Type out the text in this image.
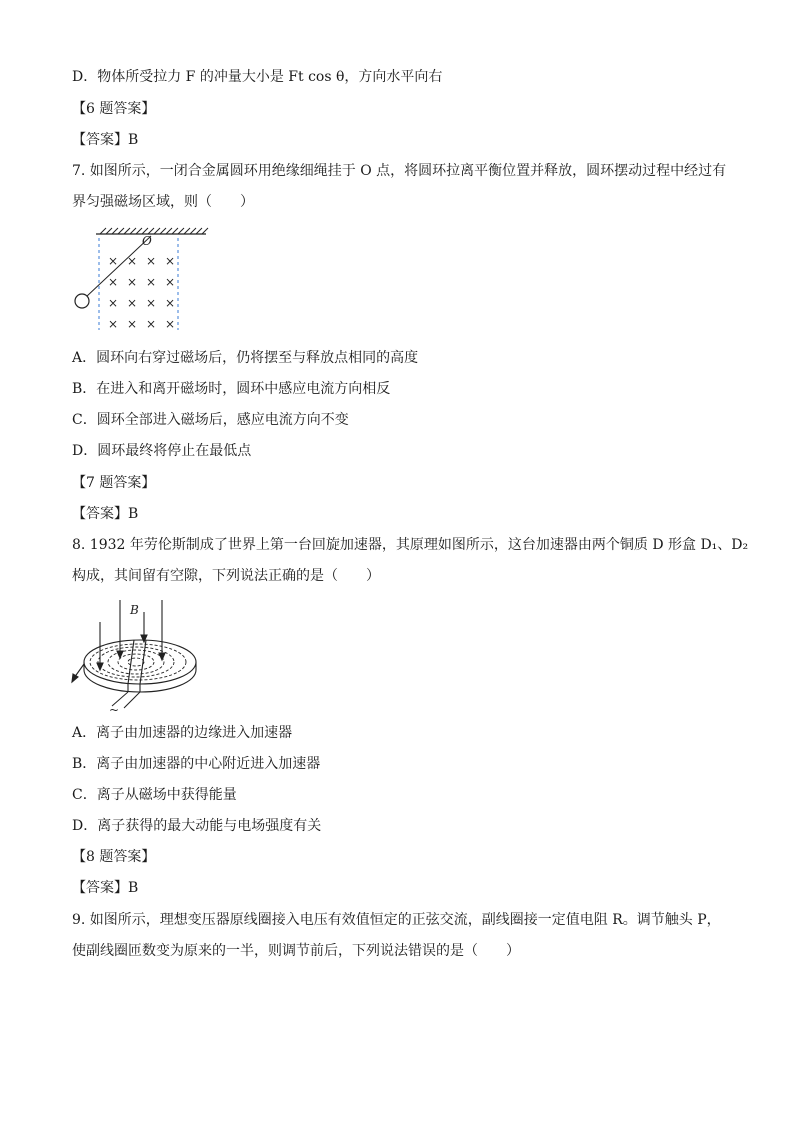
D．物体所受拉力 F 的冲量大小是 Ft cos θ，方向水平向右
【6 题答案】
【答案】B
7. 如图所示，一闭合金属圆环用绝缘细绳挂于 O 点，将圆环拉离平衡位置并释放，圆环摆动过程中经过有
界匀强磁场区域，则（　　）
O
× × × ×
× × × ×
× × × ×
× × × ×
A．圆环向右穿过磁场后，仍将摆至与释放点相同的高度
B．在进入和离开磁场时，圆环中感应电流方向相反
C．圆环全部进入磁场后，感应电流方向不变
D．圆环最终将停止在最低点
【7 题答案】
【答案】B
8. 1932 年劳伦斯制成了世界上第一台回旋加速器，其原理如图所示，这台加速器由两个铜质 D 形盒 D₁、D₂
构成，其间留有空隙，下列说法正确的是（　　）
B
~
A．离子由加速器的边缘进入加速器
B．离子由加速器的中心附近进入加速器
C．离子从磁场中获得能量
D．离子获得的最大动能与电场强度有关
【8 题答案】
【答案】B
9. 如图所示，理想变压器原线圈接入电压有效值恒定的正弦交流，副线圈接一定值电阻 R。调节触头 P，
使副线圈匝数变为原来的一半，则调节前后，下列说法错误的是（　　）
